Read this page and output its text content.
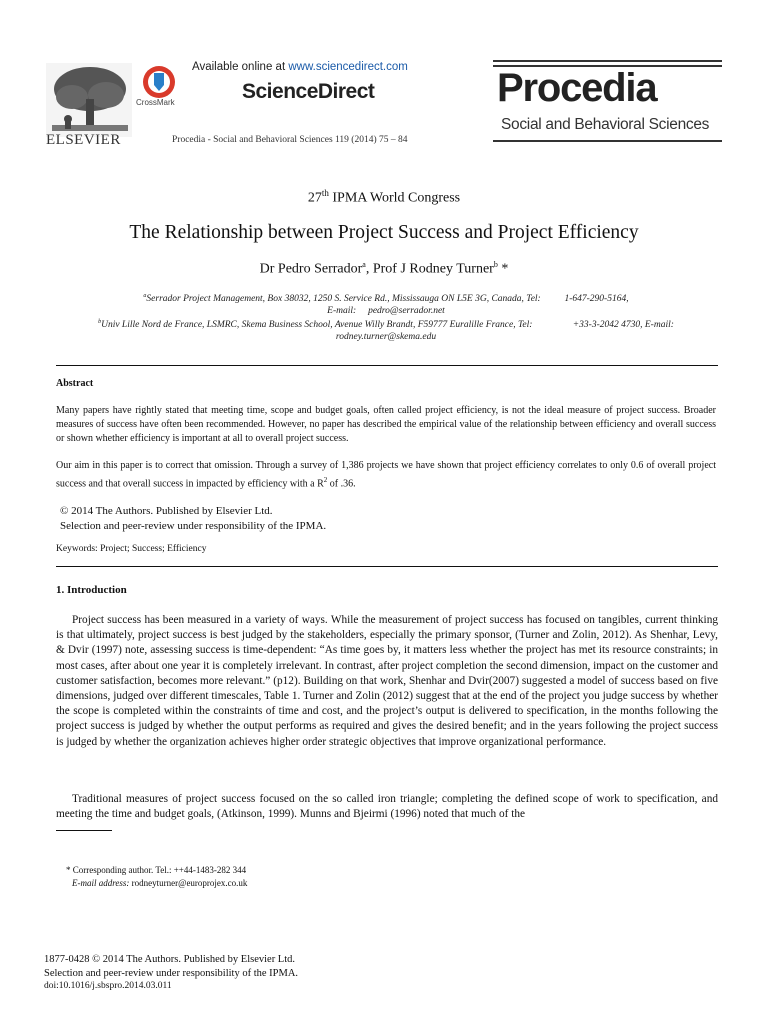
ELSEVIER
CrossMark
Available online at www.sciencedirect.com
ScienceDirect
Procedia - Social and Behavioral Sciences 119 (2014) 75 – 84
Procedia
Social and Behavioral Sciences
27th IPMA World Congress
The Relationship between Project Success and Project Efficiency
Dr Pedro Serrador$^a$, Prof J Rodney Turner$^b$ *
$^a$Serrador Project Management, Box 38032, 1250 S. Service Rd., Mississauga ON L5E 3G, Canada, Tel:          1-647-290-5164,
E-mail:     pedro@serrador.net
$^b$Univ Lille Nord de France, LSMRC, Skema Business School, Avenue Willy Brandt, F59777 Euralille France, Tel:                 +33-3-2042 4730, E-mail:
rodney.turner@skema.edu
Abstract
Many papers have rightly stated that meeting time, scope and budget goals, often called project efficiency, is not the ideal measure of project success. Broader measures of success have often been recommended. However, no paper has described the empirical value of the relationship between efficiency and overall success or shown whether efficiency is important at all to overall project success.
Our aim in this paper is to correct that omission. Through a survey of 1,386 projects we have shown that project efficiency correlates to only 0.6 of overall project success and that overall success in impacted by efficiency with a $R^2$ of .36.
© 2014 The Authors. Published by Elsevier Ltd.
Selection and peer-review under responsibility of the IPMA.
Keywords: Project; Success; Efficiency
1. Introduction
Project success has been measured in a variety of ways. While the measurement of project success has focused on tangibles, current thinking is that ultimately, project success is best judged by the stakeholders, especially the primary sponsor, (Turner and Zolin, 2012). As Shenhar, Levy, & Dvir (1997) note, assessing success is time-dependent: “As time goes by, it matters less whether the project has met its resource constraints; in most cases, after about one year it is completely irrelevant. In contrast, after project completion the second dimension, impact on the customer and customer satisfaction, becomes more relevant.” (p12). Building on that work, Shenhar and Dvir(2007) suggested a model of success based on five dimensions, judged over different timescales, Table 1. Turner and Zolin (2012) suggest that at the end of the project you judge success by whether the scope is completed within the constraints of time and cost, and the project’s output is delivered to specification, in the months following the project success is judged by whether the output performs as required and gives the desired benefit; and in the years following the project success is judged by whether the organization achieves higher order strategic objectives that improve organizational performance.
Traditional measures of project success focused on the so called iron triangle; completing the defined scope of work to specification, and meeting the time and budget goals, (Atkinson, 1999). Munns and Bjeirmi (1996) noted that much of the
* Corresponding author. Tel.: ++44-1483-282 344
E-mail address: rodneyturner@europrojex.co.uk
1877-0428 © 2014 The Authors. Published by Elsevier Ltd.
Selection and peer-review under responsibility of the IPMA.
doi:10.1016/j.sbspro.2014.03.011
